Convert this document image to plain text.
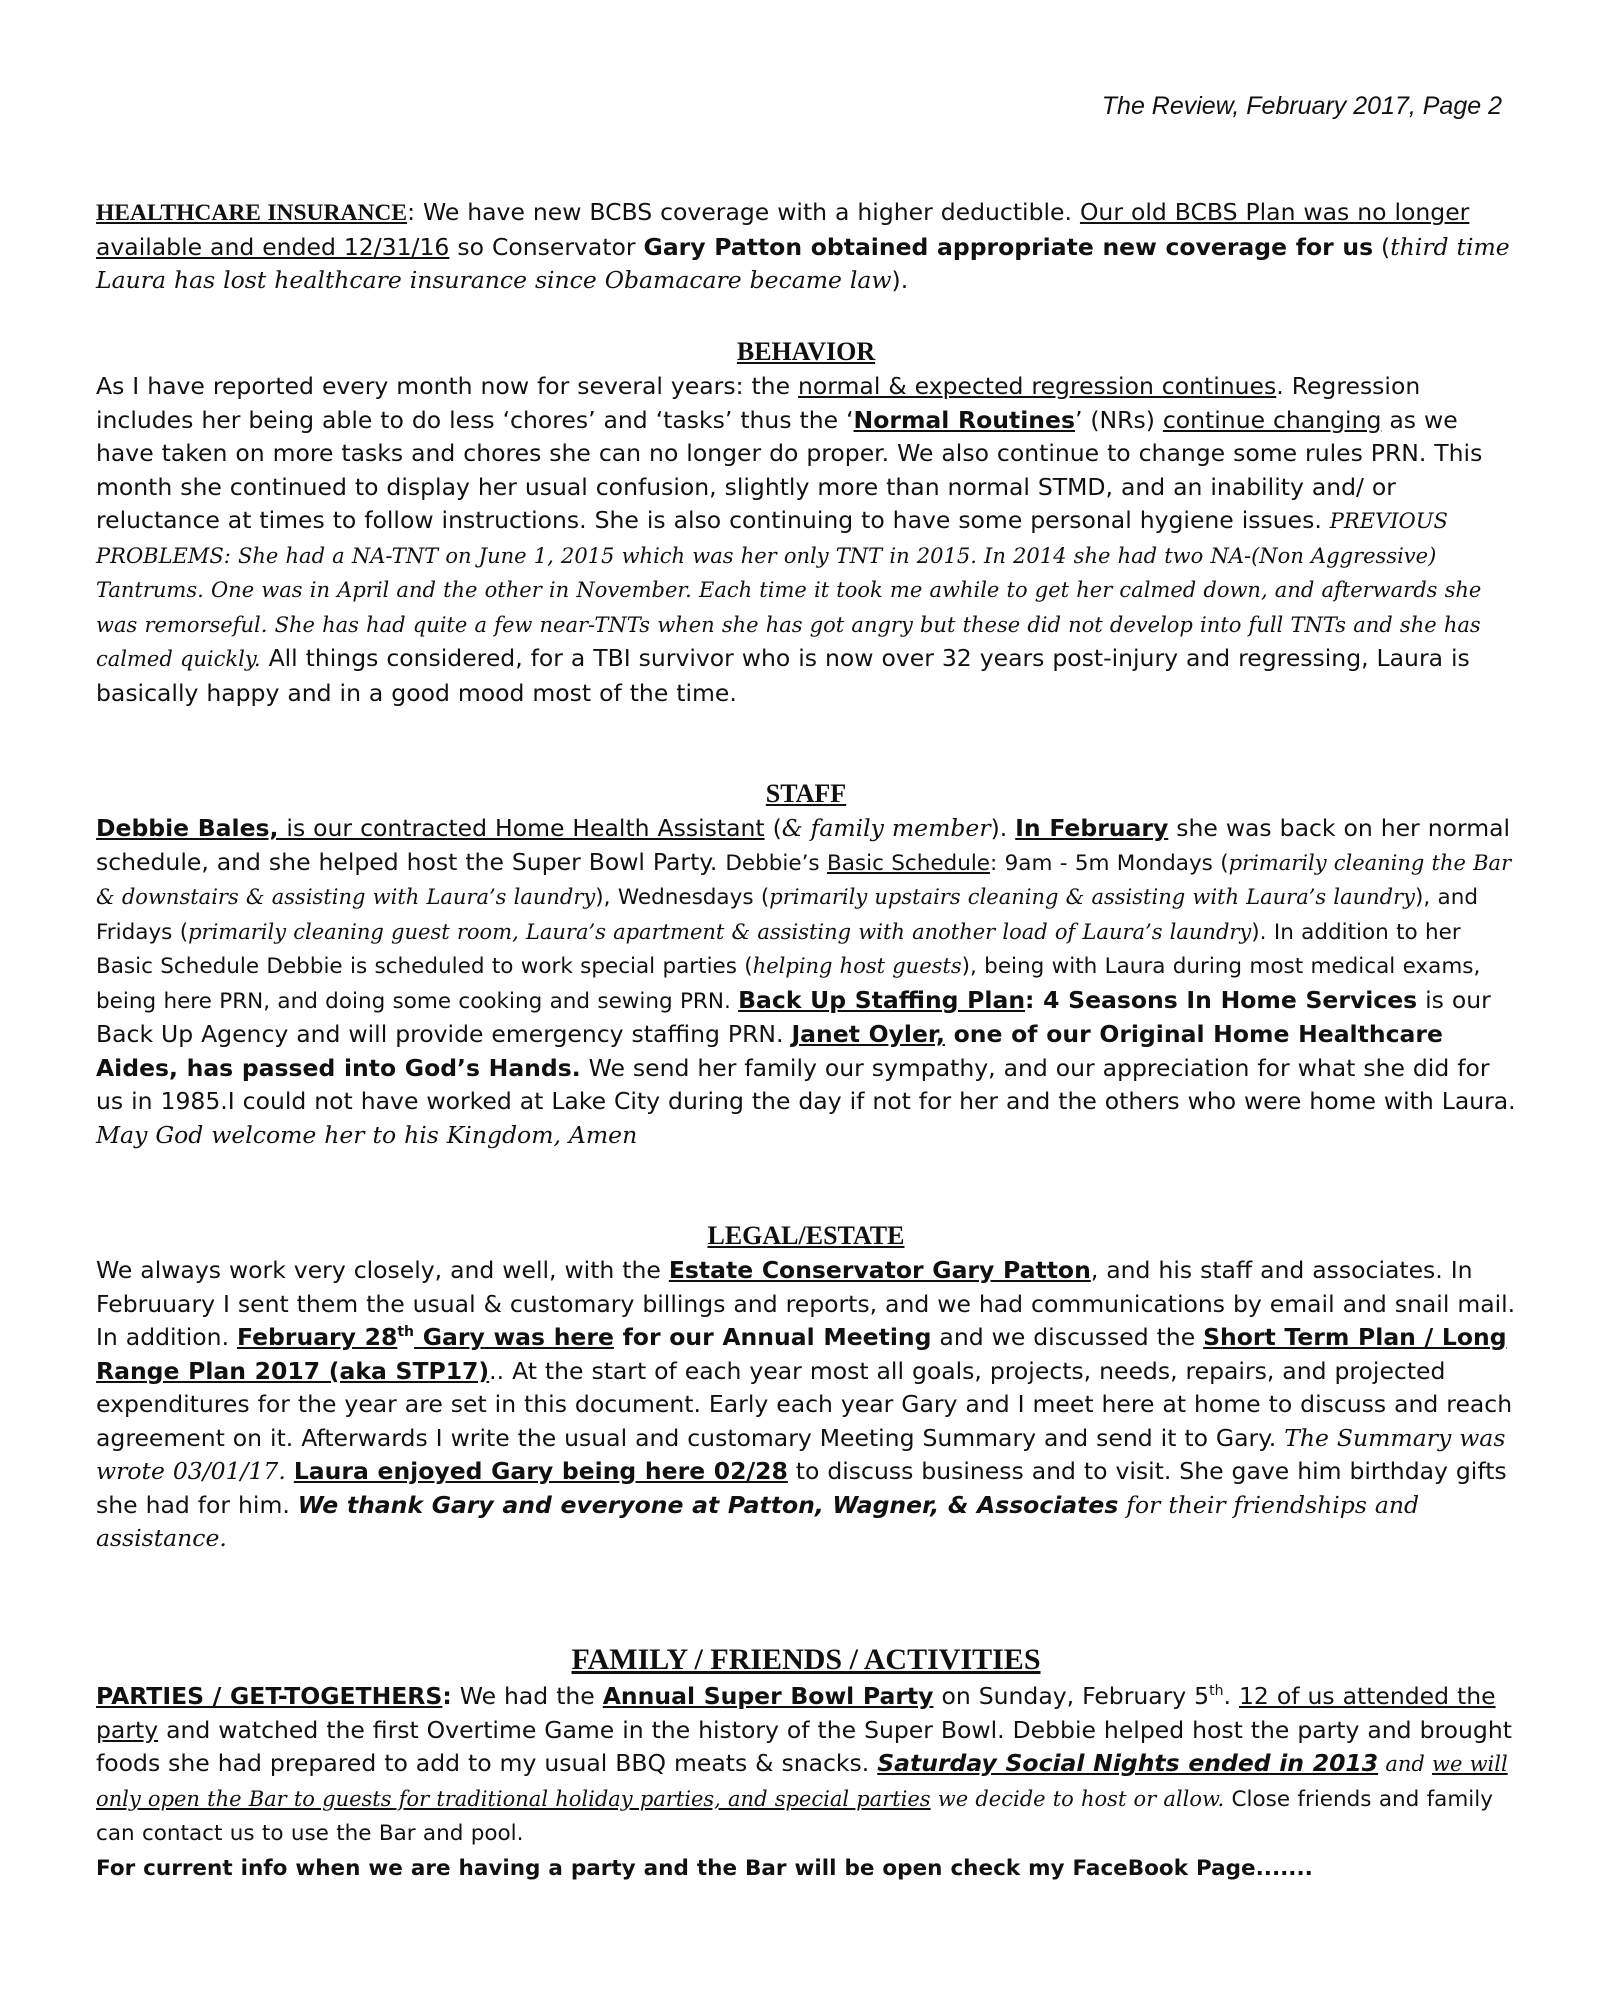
The Review, February 2017, Page 2
HEALTHCARE INSURANCE: We have new BCBS coverage with a higher deductible. Our old BCBS Plan was no longer available and ended 12/31/16 so Conservator Gary Patton obtained appropriate new coverage for us (third time Laura has lost healthcare insurance since Obamacare became law).
BEHAVIOR
As I have reported every month now for several years: the normal & expected regression continues. Regression includes her being able to do less ‘chores’ and ‘tasks’ thus the ‘Normal Routines’ (NRs) continue changing as we have taken on more tasks and chores she can no longer do proper. We also continue to change some rules PRN. This month she continued to display her usual confusion, slightly more than normal STMD, and an inability and/ or reluctance at times to follow instructions. She is also continuing to have some personal hygiene issues. PREVIOUS PROBLEMS: She had a NA-TNT on June 1, 2015 which was her only TNT in 2015. In 2014 she had two NA-(Non Aggressive) Tantrums. One was in April and the other in November. Each time it took me awhile to get her calmed down, and afterwards she was remorseful. She has had quite a few near-TNTs when she has got angry but these did not develop into full TNTs and she has calmed quickly. All things considered, for a TBI survivor who is now over 32 years post-injury and regressing, Laura is basically happy and in a good mood most of the time.
STAFF
Debbie Bales, is our contracted Home Health Assistant (& family member). In February she was back on her normal schedule, and she helped host the Super Bowl Party. Debbie’s Basic Schedule: 9am - 5m Mondays (primarily cleaning the Bar & downstairs & assisting with Laura’s laundry), Wednesdays (primarily upstairs cleaning & assisting with Laura’s laundry), and Fridays (primarily cleaning guest room, Laura’s apartment & assisting with another load of Laura’s laundry). In addition to her Basic Schedule Debbie is scheduled to work special parties (helping host guests), being with Laura during most medical exams, being here PRN, and doing some cooking and sewing PRN. Back Up Staffing Plan: 4 Seasons In Home Services is our Back Up Agency and will provide emergency staffing PRN. Janet Oyler, one of our Original Home Healthcare Aides, has passed into God’s Hands. We send her family our sympathy, and our appreciation for what she did for us in 1985.I could not have worked at Lake City during the day if not for her and the others who were home with Laura. May God welcome her to his Kingdom, Amen
LEGAL/ESTATE
We always work very closely, and well, with the Estate Conservator Gary Patton, and his staff and associates. In Februuary I sent them the usual & customary billings and reports, and we had communications by email and snail mail. In addition. February 28th Gary was here for our Annual Meeting and we discussed the Short Term Plan / Long Range Plan 2017 (aka STP17).. At the start of each year most all goals, projects, needs, repairs, and projected expenditures for the year are set in this document. Early each year Gary and I meet here at home to discuss and reach agreement on it. Afterwards I write the usual and customary Meeting Summary and send it to Gary. The Summary was wrote 03/01/17. Laura enjoyed Gary being here 02/28 to discuss business and to visit. She gave him birthday gifts she had for him. We thank Gary and everyone at Patton, Wagner, & Associates for their friendships and assistance.
FAMILY / FRIENDS / ACTIVITIES
PARTIES / GET-TOGETHERS: We had the Annual Super Bowl Party on Sunday, February 5th. 12 of us attended the party and watched the first Overtime Game in the history of the Super Bowl. Debbie helped host the party and brought foods she had prepared to add to my usual BBQ meats & snacks. Saturday Social Nights ended in 2013 and we will only open the Bar to guests for traditional holiday parties, and special parties we decide to host or allow. Close friends and family can contact us to use the Bar and pool.
For current info when we are having a party and the Bar will be open check my FaceBook Page.......
